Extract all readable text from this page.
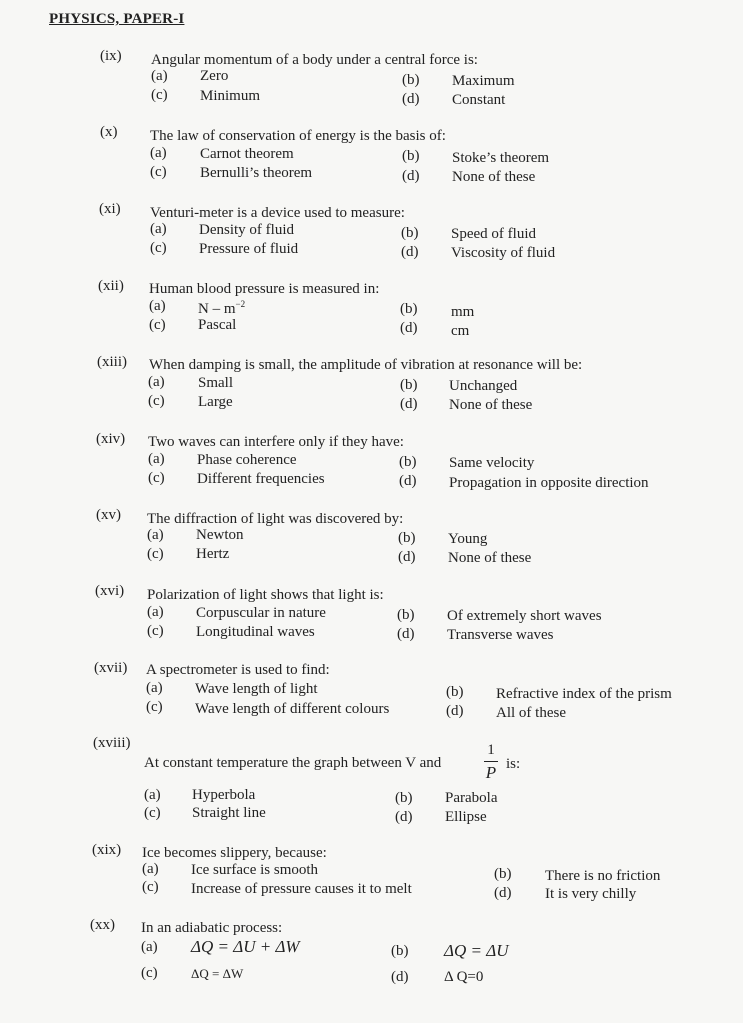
PHYSICS, PAPER-I
(ix) Angular momentum of a body under a central force is:
(a) Zero	(b) Maximum
(c) Minimum	(d) Constant
(x) The law of conservation of energy is the basis of:
(a) Carnot theorem	(b) Stoke’s theorem
(c) Bernulli’s theorem	(d) None of these
(xi) Venturi-meter is a device used to measure:
(a) Density of fluid	(b) Speed of fluid
(c) Pressure of fluid	(d) Viscosity of fluid
(xii) Human blood pressure is measured in:
(a) N – $m^{-2}$	(b) mm
(c) Pascal	(d) cm
(xiii) When damping is small, the amplitude of vibration at resonance will be:
(a) Small	(b) Unchanged
(c) Large	(d) None of these
(xiv) Two waves can interfere only if they have:
(a) Phase coherence	(b) Same velocity
(c) Different frequencies	(d) Propagation in opposite direction
(xv) The diffraction of light was discovered by:
(a) Newton	(b) Young
(c) Hertz	(d) None of these
(xvi) Polarization of light shows that light is:
(a) Corpuscular in nature	(b) Of extremely short waves
(c) Longitudinal waves	(d) Transverse waves
(xvii) A spectrometer is used to find:
(a) Wave length of light	(b) Refractive index of the prism
(c) Wave length of different colours	(d) All of these
(xviii)
At constant temperature the graph between V and
1
P is:
(a) Hyperbola	(b) Parabola
(c) Straight line	(d) Ellipse
(xix) Ice becomes slippery, because:
(a) Ice surface is smooth	(b) There is no friction
(c) Increase of pressure causes it to melt	(d) It is very chilly
(xx) In an adiabatic process:
(a) ΔQ = ΔU + ΔW	(b) ΔQ = ΔU
(c)	ΔQ = ΔW	(d) Δ Q=0
